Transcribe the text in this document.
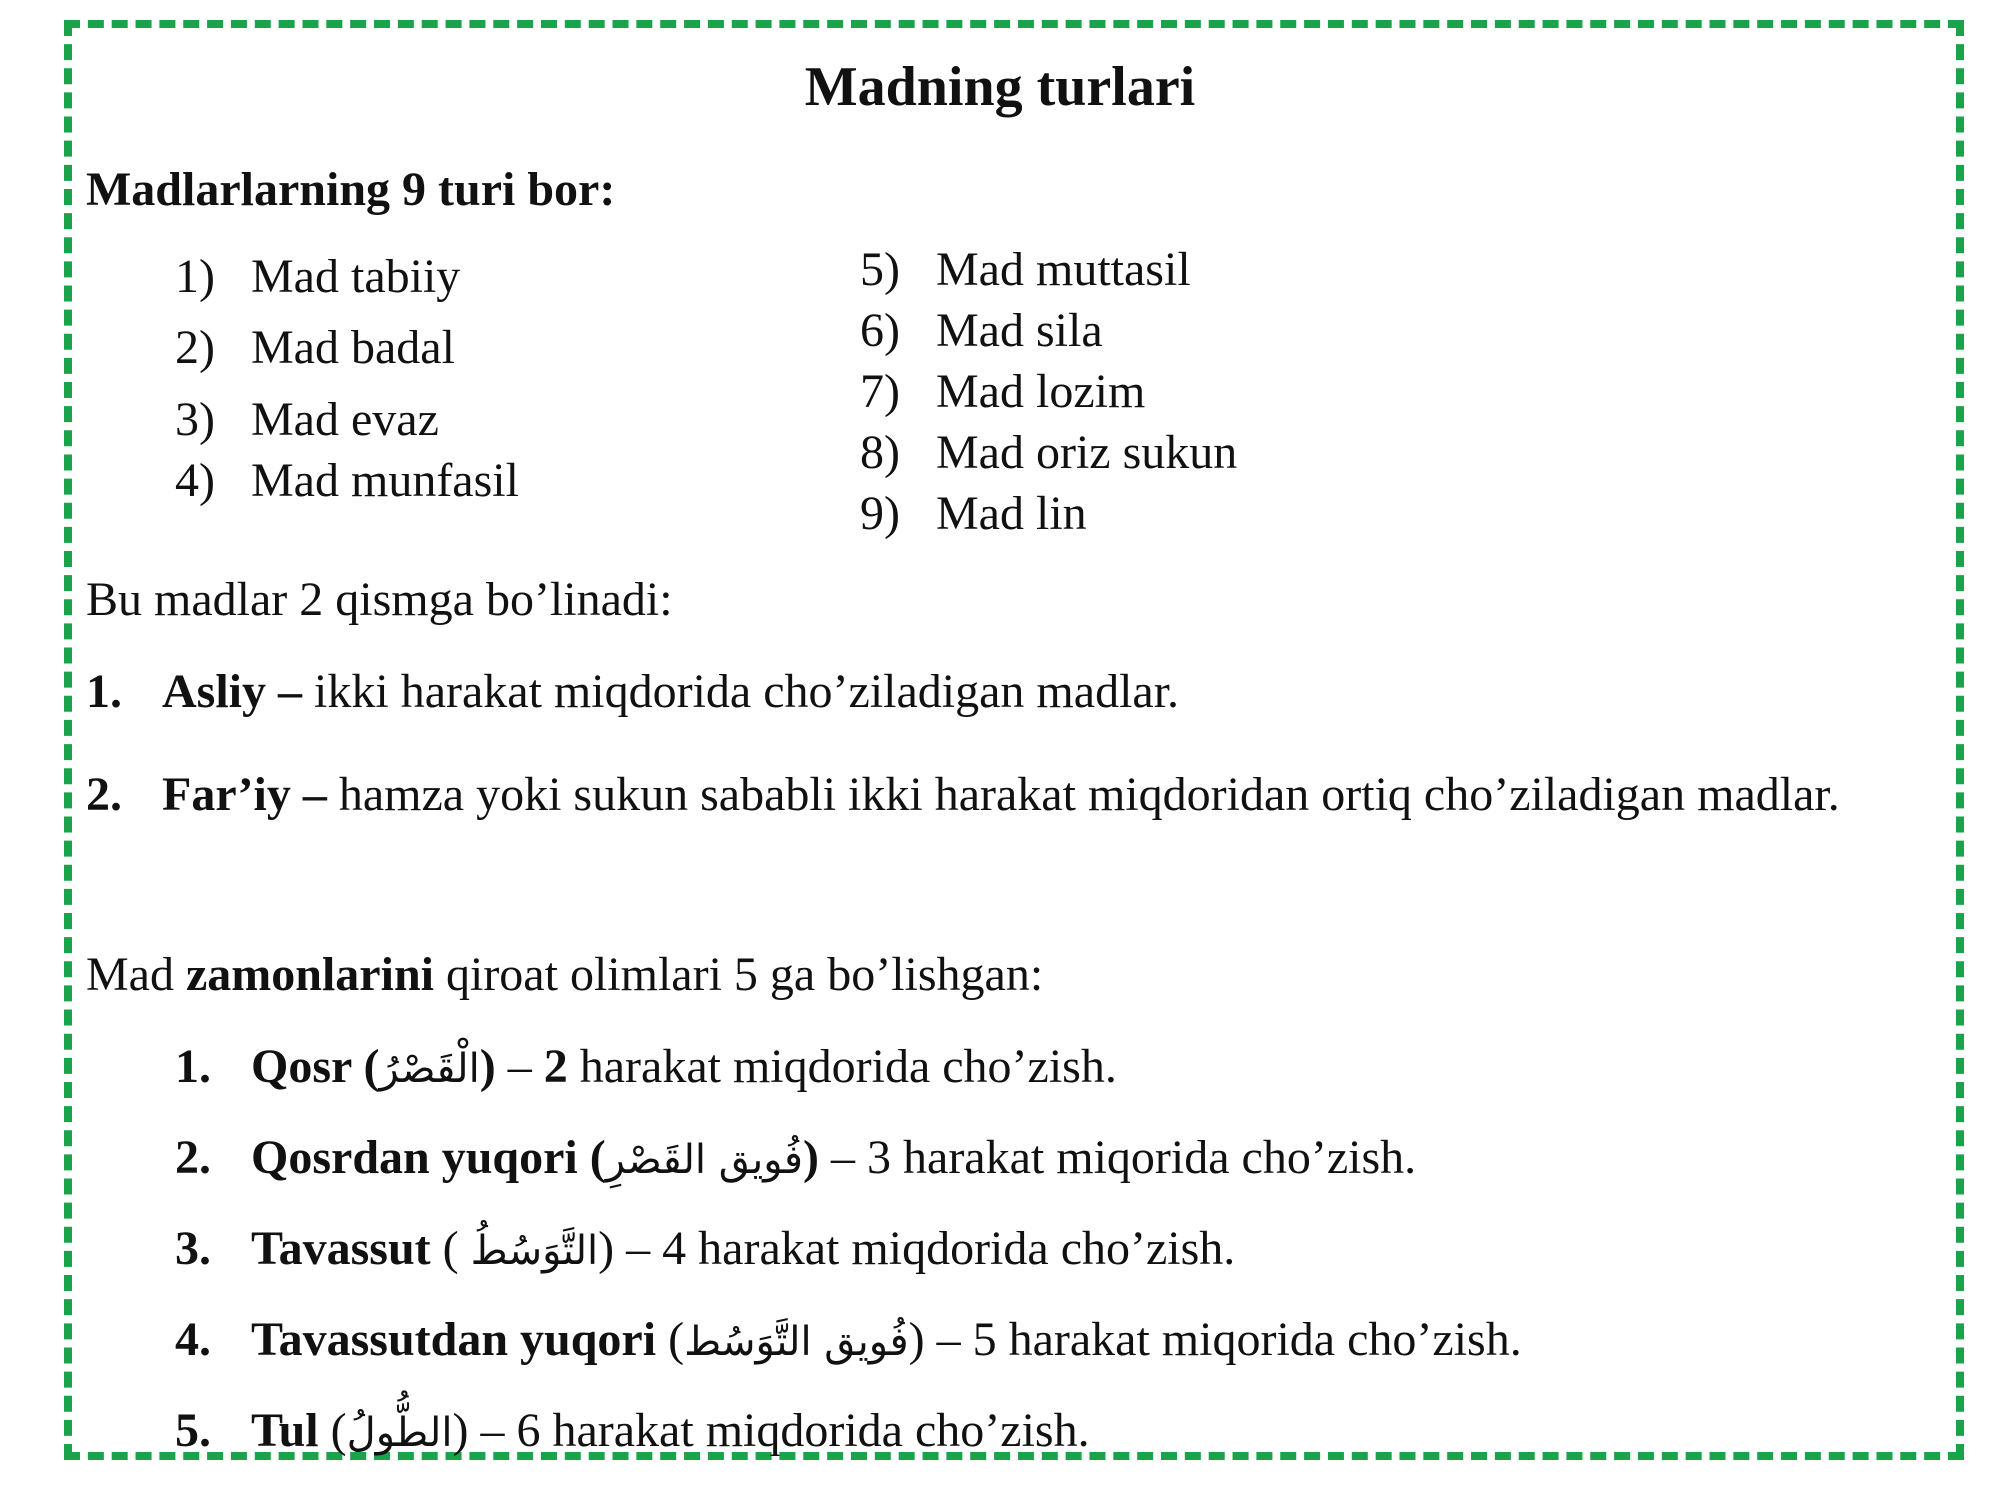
Madning turlari
Madlarlarning 9 turi bor:
1) Mad tabiiy
2) Mad badal
3) Mad evaz
4) Mad munfasil
5) Mad muttasil
6) Mad sila
7) Mad lozim
8) Mad oriz sukun
9) Mad lin
Bu madlar 2 qismga bo’linadi:
1. Asliy – ikki harakat miqdorida cho’ziladigan madlar.
2. Far’iy – hamza yoki sukun sababli ikki harakat miqdoridan ortiq cho’ziladigan madlar.
Mad zamonlarini qiroat olimlari 5 ga bo’lishgan:
1. Qosr (الْقَصْرُ) – 2 harakat miqdorida cho’zish.
2. Qosrdan yuqori (فُويق القَصْرِ) – 3 harakat miqorida cho’zish.
3. Tavassut ( التَّوَسُطُ) – 4 harakat miqdorida cho’zish.
4. Tavassutdan yuqori (فُويق التَّوَسُط) – 5 harakat miqorida cho’zish.
5. Tul (الطُّولُ) – 6 harakat miqdorida cho’zish.
